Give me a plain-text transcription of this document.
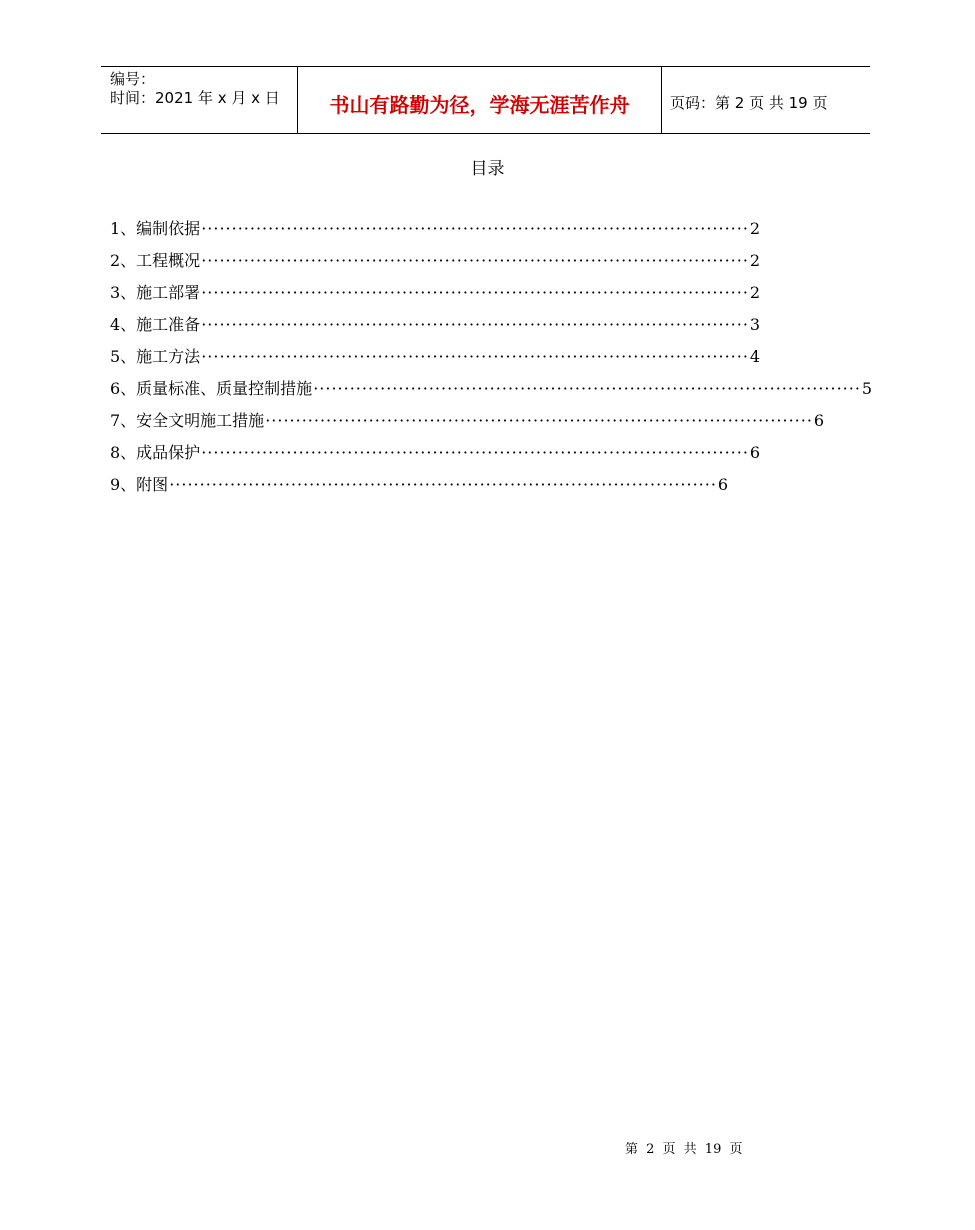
编号：
时间：2021 年 x 月 x 日	书山有路勤为径，学海无涯苦作舟	页码：第 2 页 共 19 页
目录
1、编制依据 ·························································································· 2
2、工程概况 ·························································································· 2
3、施工部署 ·························································································· 2
4、施工准备 ·························································································· 3
5、施工方法 ·························································································· 4
6、质量标准、质量控制措施 ·························································································· 5
7、安全文明施工措施 ·························································································· 6
8、成品保护 ·························································································· 6
9、附图 ·························································································· 6
第 2 页 共 19 页
